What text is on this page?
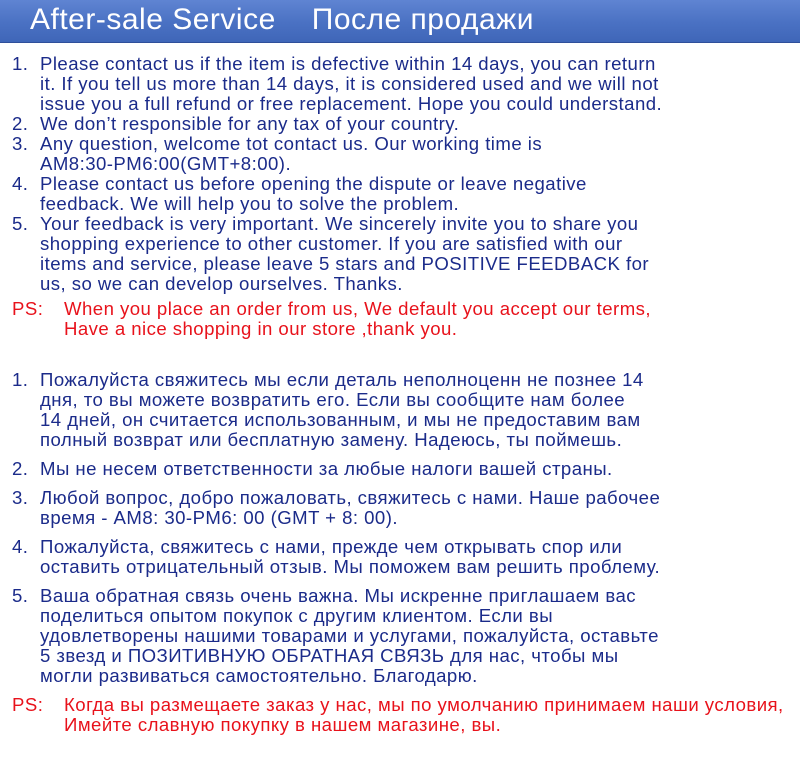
After-sale Service После продажи
1. Please contact us if the item is defective within 14 days, you can return
it. If you tell us more than 14 days, it is considered used and we will not
issue you a full refund or free replacement. Hope you could understand.
2. We don’t responsible for any tax of your country.
3. Any question, welcome tot contact us. Our working time is
AM8:30-PM6:00(GMT+8:00).
4. Please contact us before opening the dispute or leave negative
feedback. We will help you to solve the problem.
5. Your feedback is very important. We sincerely invite you to share you
shopping experience to other customer. If you are satisfied with our
items and service, please leave 5 stars and POSITIVE FEEDBACK for
us, so we can develop ourselves. Thanks.
PS:	When you place an order from us, We default you accept our terms,
Have a nice shopping in our store ,thank you.
1. Пожалуйста свяжитесь мы если деталь неполноценн не познее 14
дня, то вы можете возвратить его. Если вы сообщите нам более
14 дней, он считается использованным, и мы не предоставим вам
полный возврат или бесплатную замену. Надеюсь, ты поймешь.
2. Мы не несем ответственности за любые налоги вашей страны.
3. Любой вопрос, добро пожаловать, свяжитесь с нами. Наше рабочее
время - AM8: 30-PM6: 00 (GMT + 8: 00).
4. Пожалуйста, свяжитесь с нами, прежде чем открывать спор или
оставить отрицательный отзыв. Мы поможем вам решить проблему.
5. Ваша обратная связь очень важна. Мы искренне приглашаем вас
поделиться опытом покупок с другим клиентом. Если вы
удовлетворены нашими товарами и услугами, пожалуйста, оставьте
5 звезд и ПОЗИТИВНУЮ ОБРАТНАЯ СВЯЗЬ для нас, чтобы мы
могли развиваться самостоятельно. Благодарю.
PS:	Когда вы размещаете заказ у нас, мы по умолчанию принимаем наши условия,
Имейте славную покупку в нашем магазине, вы.
